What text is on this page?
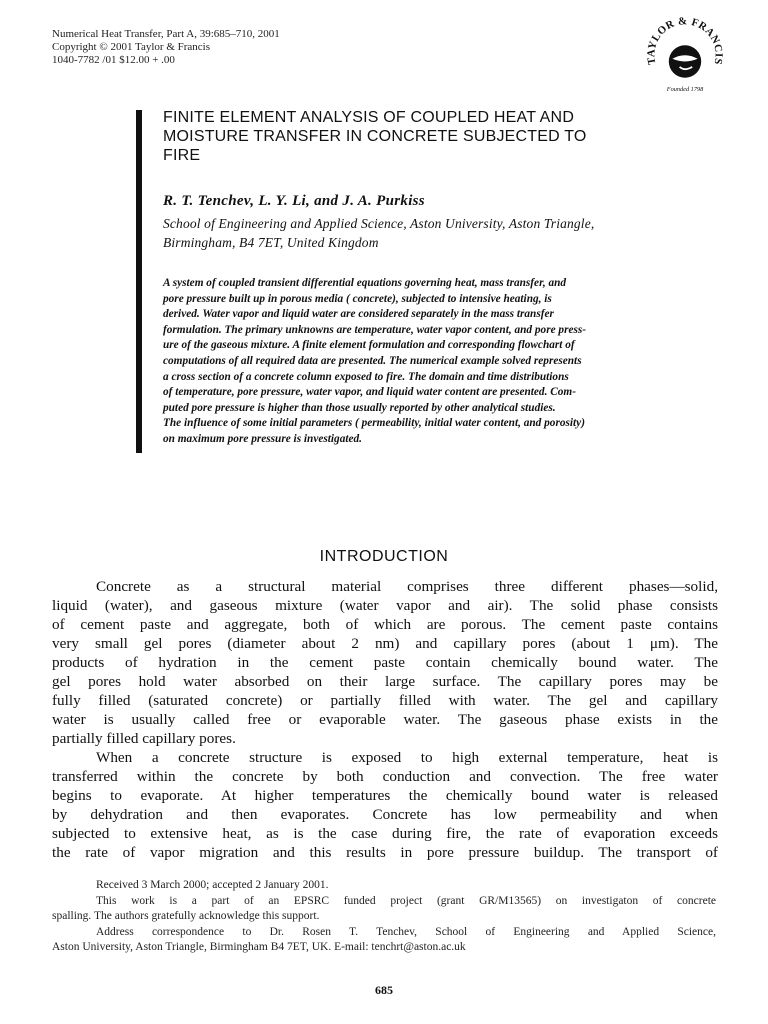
Numerical Heat Transfer, Part A, 39:685–710, 2001
Copyright © 2001 Taylor & Francis
1040-7782 /01 $12.00 + .00	TAYLOR & FRANCIS
Founded 1798
FINITE ELEMENT ANALYSIS OF COUPLED HEAT AND
MOISTURE TRANSFER IN CONCRETE SUBJECTED TO
FIRE
R. T. Tenchev, L. Y. Li, and J. A. Purkiss
School of Engineering and Applied Science, Aston University, Aston Triangle,
Birmingham, B4 7ET, United Kingdom
A system of coupled transient differential equations governing heat, mass transfer, and
pore pressure built up in porous media ( concrete), subjected to intensive heating, is
derived. Water vapor and liquid water are considered separately in the mass transfer
formulation. The primary unknowns are temperature, water vapor content, and pore press-
ure of the gaseous mixture. A finite element formulation and corresponding flowchart of
computations of all required data are presented. The numerical example solved represents
a cross section of a concrete column exposed to fire. The domain and time distributions
of temperature, pore pressure, water vapor, and liquid water content are presented. Com-
puted pore pressure is higher than those usually reported by other analytical studies.
The influence of some initial parameters ( permeability, initial water content, and porosity)
on maximum pore pressure is investigated.
INTRODUCTION
Concrete as a structural material comprises three different phases—solid,
liquid (water), and gaseous mixture (water vapor and air). The solid phase consists
of cement paste and aggregate, both of which are porous. The cement paste contains
very small gel pores (diameter about 2 nm) and capillary pores (about 1 μm). The
products of hydration in the cement paste contain chemically bound water. The
gel pores hold water absorbed on their large surface. The capillary pores may be
fully filled (saturated concrete) or partially filled with water. The gel and capillary
water is usually called free or evaporable water. The gaseous phase exists in the
partially filled capillary pores.
When a concrete structure is exposed to high external temperature, heat is
transferred within the concrete by both conduction and convection. The free water
begins to evaporate. At higher temperatures the chemically bound water is released
by dehydration and then evaporates. Concrete has low permeability and when
subjected to extensive heat, as is the case during fire, the rate of evaporation exceeds
the rate of vapor migration and this results in pore pressure buildup. The transport of
Received 3 March 2000; accepted 2 January 2001.
This work is a part of an EPSRC funded project (grant GR/M13565) on investigaton of concrete
spalling. The authors gratefully acknowledge this support.
Address correspondence to Dr. Rosen T. Tenchev, School of Engineering and Applied Science,
Aston University, Aston Triangle, Birmingham B4 7ET, UK. E-mail: tenchrt@aston.ac.uk
685
